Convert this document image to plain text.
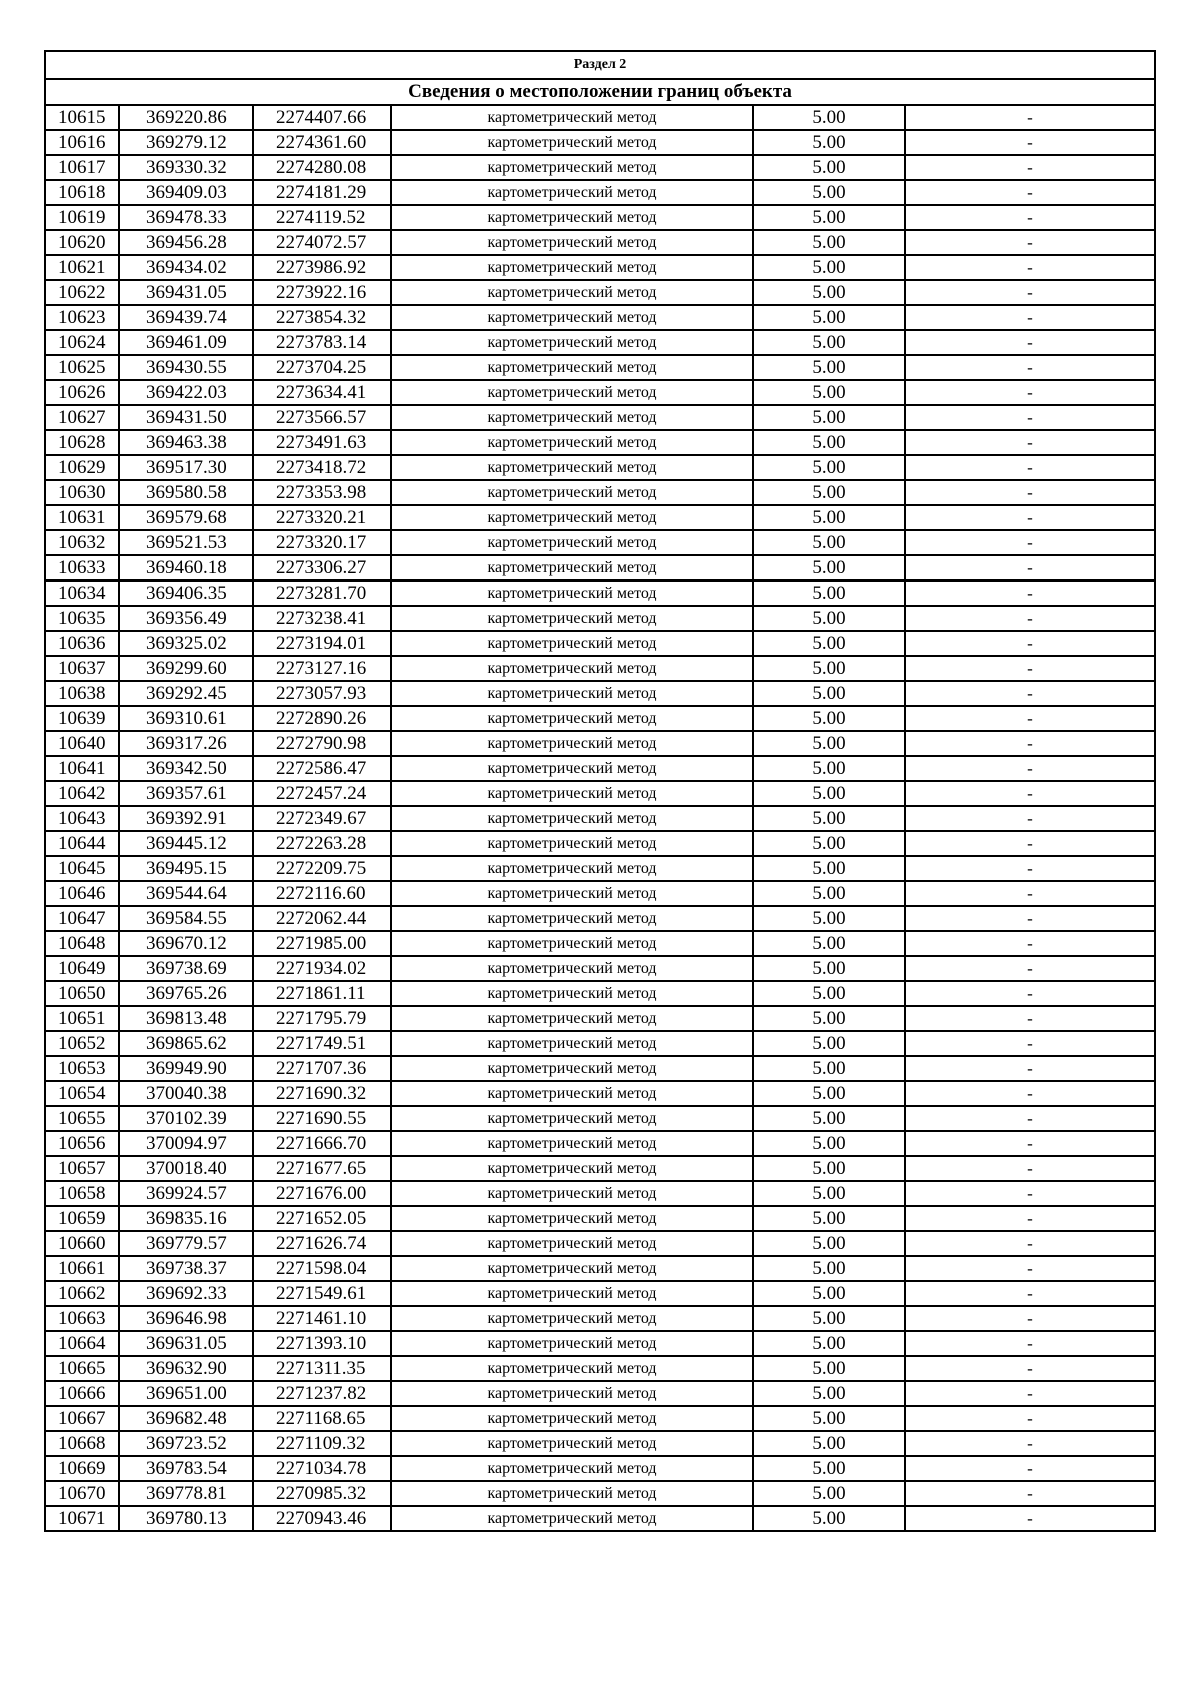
Раздел 2					
Сведения о местоположении границ объекта					
10615	369220.86	2274407.66	картометрический метод	5.00	-
10616	369279.12	2274361.60	картометрический метод	5.00	-
10617	369330.32	2274280.08	картометрический метод	5.00	-
10618	369409.03	2274181.29	картометрический метод	5.00	-
10619	369478.33	2274119.52	картометрический метод	5.00	-
10620	369456.28	2274072.57	картометрический метод	5.00	-
10621	369434.02	2273986.92	картометрический метод	5.00	-
10622	369431.05	2273922.16	картометрический метод	5.00	-
10623	369439.74	2273854.32	картометрический метод	5.00	-
10624	369461.09	2273783.14	картометрический метод	5.00	-
10625	369430.55	2273704.25	картометрический метод	5.00	-
10626	369422.03	2273634.41	картометрический метод	5.00	-
10627	369431.50	2273566.57	картометрический метод	5.00	-
10628	369463.38	2273491.63	картометрический метод	5.00	-
10629	369517.30	2273418.72	картометрический метод	5.00	-
10630	369580.58	2273353.98	картометрический метод	5.00	-
10631	369579.68	2273320.21	картометрический метод	5.00	-
10632	369521.53	2273320.17	картометрический метод	5.00	-
10633	369460.18	2273306.27	картометрический метод	5.00	-
10634	369406.35	2273281.70	картометрический метод	5.00	-
10635	369356.49	2273238.41	картометрический метод	5.00	-
10636	369325.02	2273194.01	картометрический метод	5.00	-
10637	369299.60	2273127.16	картометрический метод	5.00	-
10638	369292.45	2273057.93	картометрический метод	5.00	-
10639	369310.61	2272890.26	картометрический метод	5.00	-
10640	369317.26	2272790.98	картометрический метод	5.00	-
10641	369342.50	2272586.47	картометрический метод	5.00	-
10642	369357.61	2272457.24	картометрический метод	5.00	-
10643	369392.91	2272349.67	картометрический метод	5.00	-
10644	369445.12	2272263.28	картометрический метод	5.00	-
10645	369495.15	2272209.75	картометрический метод	5.00	-
10646	369544.64	2272116.60	картометрический метод	5.00	-
10647	369584.55	2272062.44	картометрический метод	5.00	-
10648	369670.12	2271985.00	картометрический метод	5.00	-
10649	369738.69	2271934.02	картометрический метод	5.00	-
10650	369765.26	2271861.11	картометрический метод	5.00	-
10651	369813.48	2271795.79	картометрический метод	5.00	-
10652	369865.62	2271749.51	картометрический метод	5.00	-
10653	369949.90	2271707.36	картометрический метод	5.00	-
10654	370040.38	2271690.32	картометрический метод	5.00	-
10655	370102.39	2271690.55	картометрический метод	5.00	-
10656	370094.97	2271666.70	картометрический метод	5.00	-
10657	370018.40	2271677.65	картометрический метод	5.00	-
10658	369924.57	2271676.00	картометрический метод	5.00	-
10659	369835.16	2271652.05	картометрический метод	5.00	-
10660	369779.57	2271626.74	картометрический метод	5.00	-
10661	369738.37	2271598.04	картометрический метод	5.00	-
10662	369692.33	2271549.61	картометрический метод	5.00	-
10663	369646.98	2271461.10	картометрический метод	5.00	-
10664	369631.05	2271393.10	картометрический метод	5.00	-
10665	369632.90	2271311.35	картометрический метод	5.00	-
10666	369651.00	2271237.82	картометрический метод	5.00	-
10667	369682.48	2271168.65	картометрический метод	5.00	-
10668	369723.52	2271109.32	картометрический метод	5.00	-
10669	369783.54	2271034.78	картометрический метод	5.00	-
10670	369778.81	2270985.32	картометрический метод	5.00	-
10671	369780.13	2270943.46	картометрический метод	5.00	-
